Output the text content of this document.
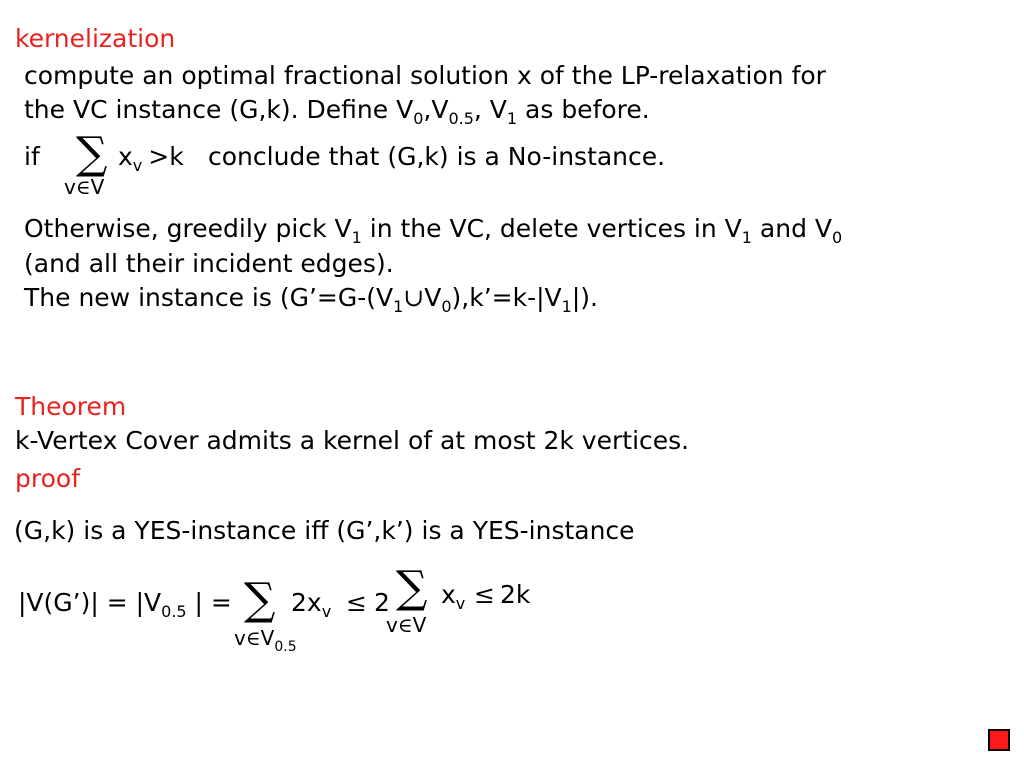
kernelization
compute an optimal fractional solution x of the LP-relaxation for
the VC instance (G,k). Define $V_0,V_{0.5}$, $V_1$ as before.
if ∑ $x_v >k$ conclude that (G,k) is a No-instance.
v∈V
Otherwise, greedily pick $V_1$ in the VC, delete vertices in $V_1$ and $V_0$
(and all their incident edges).
The new instance is $(G’=G-(V_1\cup V_0),k’=k-|V_1|)$.
Theorem
k-Vertex Cover admits a kernel of at most 2k vertices.
proof
(G,k) is a YES-instance iff (G’,k’) is a YES-instance
|V(G’)| = $|V_{0.5}$ | = ∑ $2x_v \le 2$ ∑ $x_v \le 2k$
$v\in V_{0.5}$
v∈V
